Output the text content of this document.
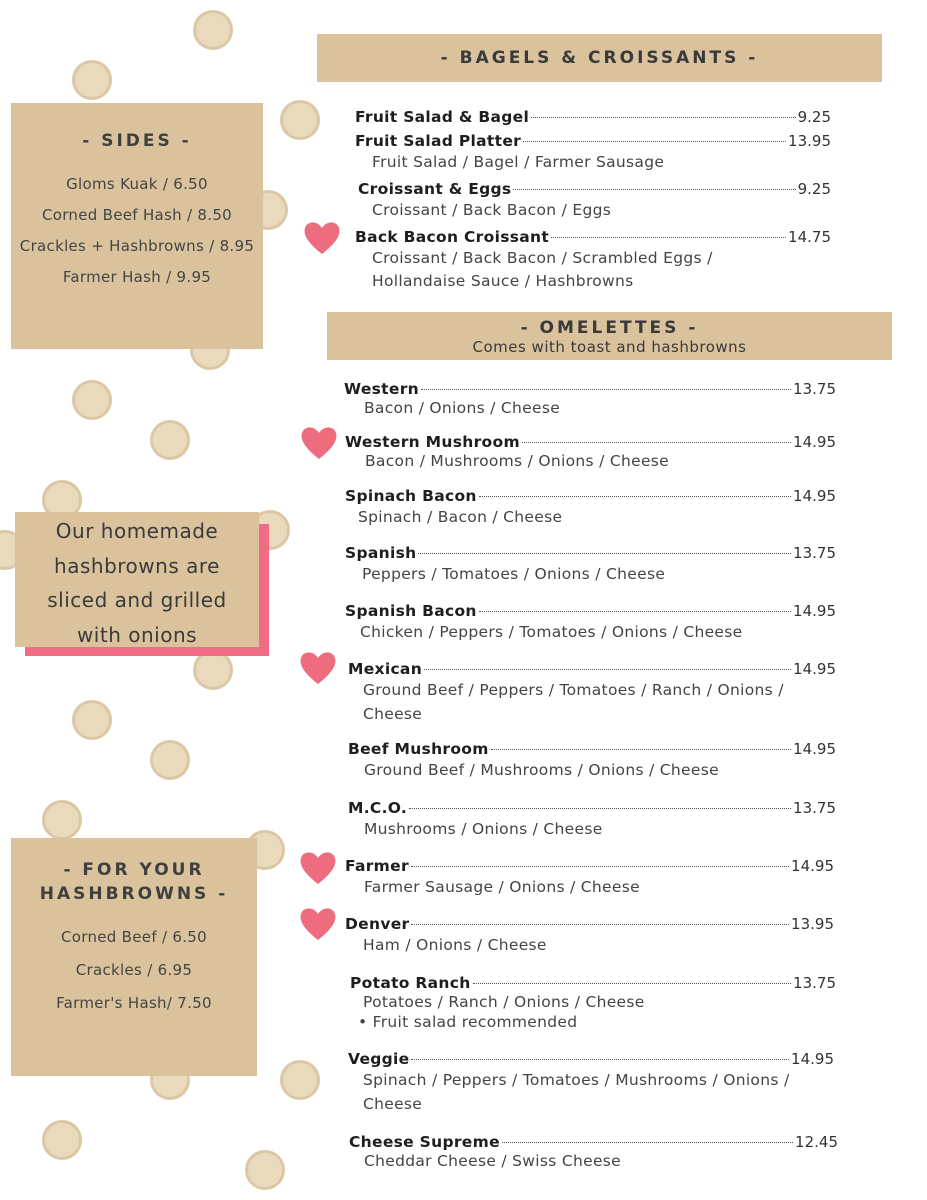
- SIDES -
Gloms Kuak / 6.50
Corned Beef Hash / 8.50
Crackles + Hashbrowns / 8.95
Farmer Hash / 9.95
Our homemade
hashbrowns are
sliced and grilled
with onions
- FOR YOUR
HASHBROWNS -
Corned Beef / 6.50
Crackles / 6.95
Farmer's Hash/ 7.50
- BAGELS & CROISSANTS -
Fruit Salad & Bagel	9.25
Fruit Salad Platter	13.95
Fruit Salad / Bagel / Farmer Sausage
Croissant & Eggs	9.25
Croissant / Back Bacon / Eggs
Back Bacon Croissant	14.75
Croissant / Back Bacon / Scrambled Eggs /
Hollandaise Sauce / Hashbrowns
- OMELETTES -
Comes with toast and hashbrowns
Western	13.75
Bacon / Onions / Cheese
Western Mushroom	14.95
Bacon / Mushrooms / Onions / Cheese
Spinach Bacon	14.95
Spinach / Bacon / Cheese
Spanish	13.75
Peppers / Tomatoes / Onions / Cheese
Spanish Bacon	14.95
Chicken / Peppers / Tomatoes / Onions / Cheese
Mexican	14.95
Ground Beef / Peppers / Tomatoes / Ranch / Onions /
Cheese
Beef Mushroom	14.95
Ground Beef / Mushrooms / Onions / Cheese
M.C.O.	13.75
Mushrooms / Onions / Cheese
Farmer	14.95
Farmer Sausage / Onions / Cheese
Denver	13.95
Ham / Onions / Cheese
Potato Ranch	13.75
Potatoes / Ranch / Onions / Cheese
• Fruit salad recommended
Veggie	14.95
Spinach / Peppers / Tomatoes / Mushrooms / Onions /
Cheese
Cheese Supreme	12.45
Cheddar Cheese / Swiss Cheese
